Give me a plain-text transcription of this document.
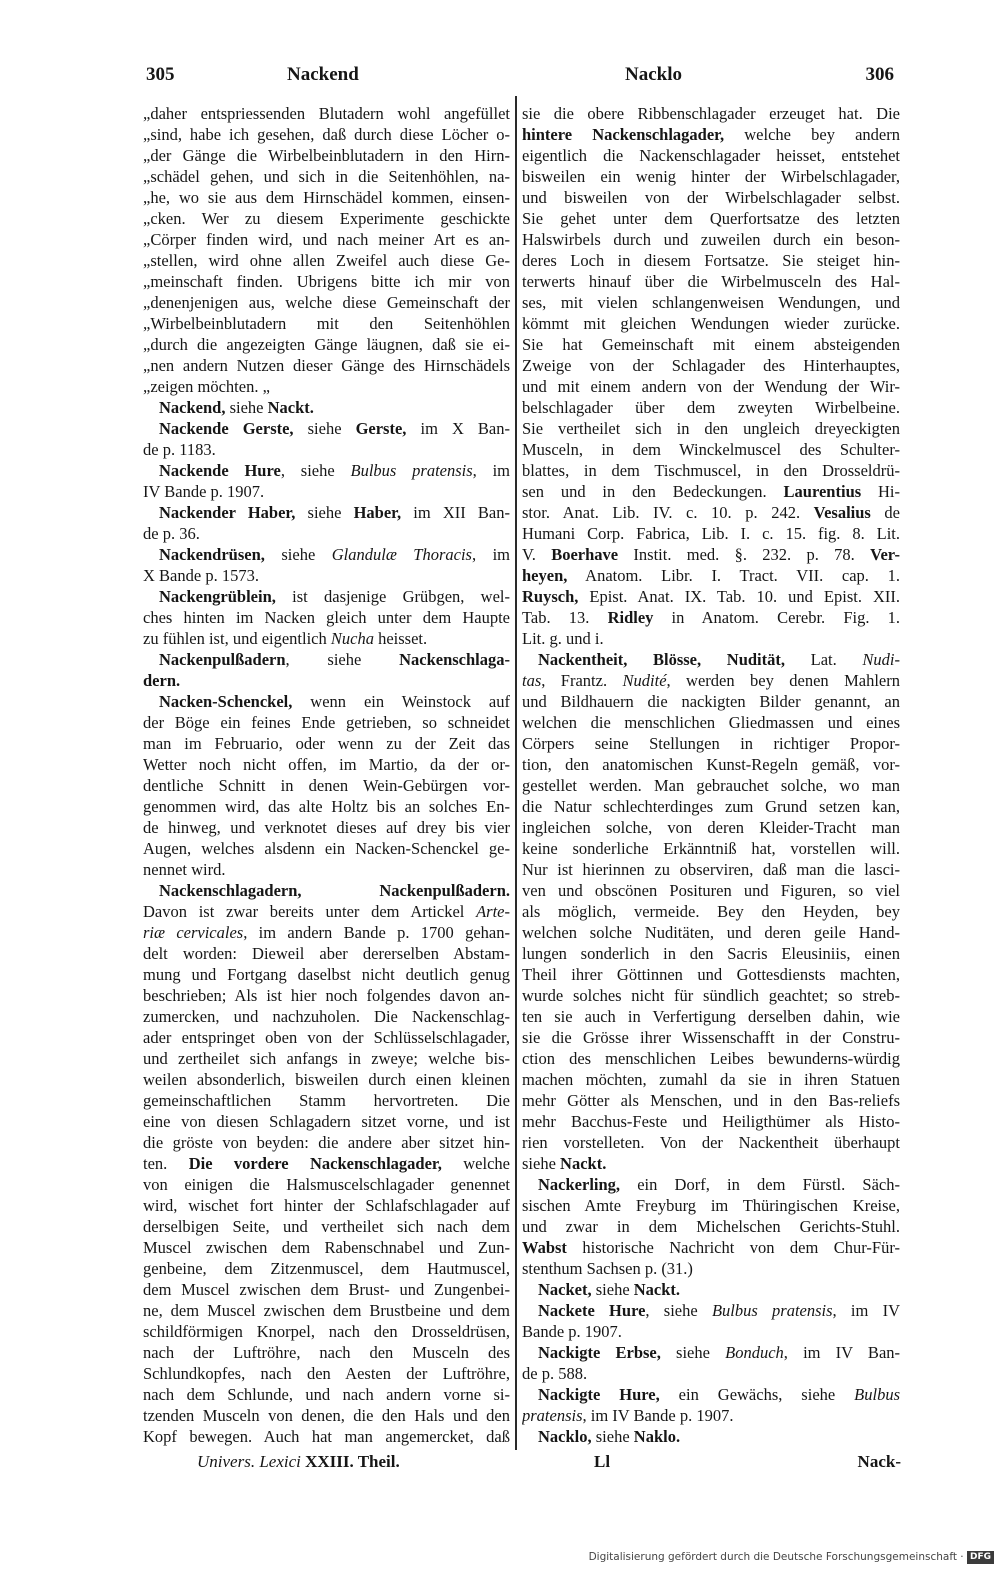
305	Nackend	Nacklo	306
„daher entspriessenden Blutadern wohl angefüllet
„sind, habe ich gesehen, daß durch diese Löcher o-
„der Gänge die Wirbelbeinblutadern in den Hirn-
„schädel gehen, und sich in die Seitenhöhlen, na-
„he, wo sie aus dem Hirnschädel kommen, einsen-
„cken. Wer zu diesem Experimente geschickte
„Cörper finden wird, und nach meiner Art es an-
„stellen, wird ohne allen Zweifel auch diese Ge-
„meinschaft finden. Ubrigens bitte ich mir von
„denenjenigen aus, welche diese Gemeinschaft der
„Wirbelbeinblutadern mit den Seitenhöhlen
„durch die angezeigten Gänge läugnen, daß sie ei-
„nen andern Nutzen dieser Gänge des Hirnschädels
„zeigen möchten. „
Nackend, siehe Nackt.
Nackende Gerste, siehe Gerste, im X Ban-
de p. 1183.
Nackende Hure, siehe Bulbus pratensis, im
IV Bande p. 1907.
Nackender Haber, siehe Haber, im XII Ban-
de p. 36.
Nackendrüsen, siehe Glandulæ Thoracis, im
X Bande p. 1573.
Nackengrüblein, ist dasjenige Grübgen, wel-
ches hinten im Nacken gleich unter dem Haupte
zu fühlen ist, und eigentlich Nucha heisset.
Nackenpulßadern, siehe Nackenschlaga-
dern.
Nacken-Schenckel, wenn ein Weinstock auf
der Böge ein feines Ende getrieben, so schneidet
man im Februario, oder wenn zu der Zeit das
Wetter noch nicht offen, im Martio, da der or-
dentliche Schnitt in denen Wein-Gebürgen vor-
genommen wird, das alte Holtz bis an solches En-
de hinweg, und verknotet dieses auf drey bis vier
Augen, welches alsdenn ein Nacken-Schenckel ge-
nennet wird.
Nackenschlagadern, Nackenpulßadern.
Davon ist zwar bereits unter dem Artickel Arte-
riæ cervicales, im andern Bande p. 1700 gehan-
delt worden: Dieweil aber dererselben Abstam-
mung und Fortgang daselbst nicht deutlich genug
beschrieben; Als ist hier noch folgendes davon an-
zumercken, und nachzuholen. Die Nackenschlag-
ader entspringet oben von der Schlüsselschlagader,
und zertheilet sich anfangs in zweye; welche bis-
weilen absonderlich, bisweilen durch einen kleinen
gemeinschaftlichen Stamm hervortreten. Die
eine von diesen Schlagadern sitzet vorne, und ist
die gröste von beyden: die andere aber sitzet hin-
ten. Die vordere Nackenschlagader, welche
von einigen die Halsmuscelschlagader genennet
wird, wischet fort hinter der Schlafschlagader auf
derselbigen Seite, und vertheilet sich nach dem
Muscel zwischen dem Rabenschnabel und Zun-
genbeine, dem Zitzenmuscel, dem Hautmuscel,
dem Muscel zwischen dem Brust- und Zungenbei-
ne, dem Muscel zwischen dem Brustbeine und dem
schildförmigen Knorpel, nach den Drosseldrüsen,
nach der Luftröhre, nach den Musceln des
Schlundkopfes, nach den Aesten der Luftröhre,
nach dem Schlunde, und nach andern vorne si-
tzenden Musceln von denen, die den Hals und den
Kopf bewegen. Auch hat man angemercket, daß
sie die obere Ribbenschlagader erzeuget hat. Die
hintere Nackenschlagader, welche bey andern
eigentlich die Nackenschlagader heisset, entstehet
bisweilen ein wenig hinter der Wirbelschlagader,
und bisweilen von der Wirbelschlagader selbst.
Sie gehet unter dem Querfortsatze des letzten
Halswirbels durch und zuweilen durch ein beson-
deres Loch in diesem Fortsatze. Sie steiget hin-
terwerts hinauf über die Wirbelmusceln des Hal-
ses, mit vielen schlangenweisen Wendungen, und
kömmt mit gleichen Wendungen wieder zurücke.
Sie hat Gemeinschaft mit einem absteigenden
Zweige von der Schlagader des Hinterhauptes,
und mit einem andern von der Wendung der Wir-
belschlagader über dem zweyten Wirbelbeine.
Sie vertheilet sich in den ungleich dreyeckigten
Musceln, in dem Winckelmuscel des Schulter-
blattes, in dem Tischmuscel, in den Drosseldrü-
sen und in den Bedeckungen. Laurentius Hi-
stor. Anat. Lib. IV. c. 10. p. 242. Vesalius de
Humani Corp. Fabrica, Lib. I. c. 15. fig. 8. Lit.
V. Boerhave Instit. med. §. 232. p. 78. Ver-
heyen, Anatom. Libr. I. Tract. VII. cap. 1.
Ruysch, Epist. Anat. IX. Tab. 10. und Epist. XII.
Tab. 13. Ridley in Anatom. Cerebr. Fig. 1.
Lit. g. und i.
Nackentheit, Blösse, Nudität, Lat. Nudi-
tas, Frantz. Nudité, werden bey denen Mahlern
und Bildhauern die nackigten Bilder genannt, an
welchen die menschlichen Gliedmassen und eines
Cörpers seine Stellungen in richtiger Propor-
tion, den anatomischen Kunst-Regeln gemäß, vor-
gestellet werden. Man gebrauchet solche, wo man
die Natur schlechterdinges zum Grund setzen kan,
ingleichen solche, von deren Kleider-Tracht man
keine sonderliche Erkänntniß hat, vorstellen will.
Nur ist hierinnen zu observiren, daß man die lasci-
ven und obscönen Posituren und Figuren, so viel
als möglich, vermeide. Bey den Heyden, bey
welchen solche Nuditäten, und deren geile Hand-
lungen sonderlich in den Sacris Eleusiniis, einen
Theil ihrer Göttinnen und Gottesdiensts machten,
wurde solches nicht für sündlich geachtet; so streb-
ten sie auch in Verfertigung derselben dahin, wie
sie die Grösse ihrer Wissenschafft in der Constru-
ction des menschlichen Leibes bewunderns-würdig
machen möchten, zumahl da sie in ihren Statuen
mehr Götter als Menschen, und in den Bas-reliefs
mehr Bacchus-Feste und Heiligthümer als Histo-
rien vorstelleten. Von der Nackentheit überhaupt
siehe Nackt.
Nackerling, ein Dorf, in dem Fürstl. Säch-
sischen Amte Freyburg im Thüringischen Kreise,
und zwar in dem Michelschen Gerichts-Stuhl.
Wabst historische Nachricht von dem Chur-Für-
stenthum Sachsen p. (31.)
Nacket, siehe Nackt.
Nackete Hure, siehe Bulbus pratensis, im IV
Bande p. 1907.
Nackigte Erbse, siehe Bonduch, im IV Ban-
de p. 588.
Nackigte Hure, ein Gewächs, siehe Bulbus
pratensis, im IV Bande p. 1907.
Nacklo, siehe Naklo.
Univers. Lexici XXIII. Theil.	Ll	Nack-
Digitalisierung gefördert durch die Deutsche Forschungsgemeinschaft · DFG
